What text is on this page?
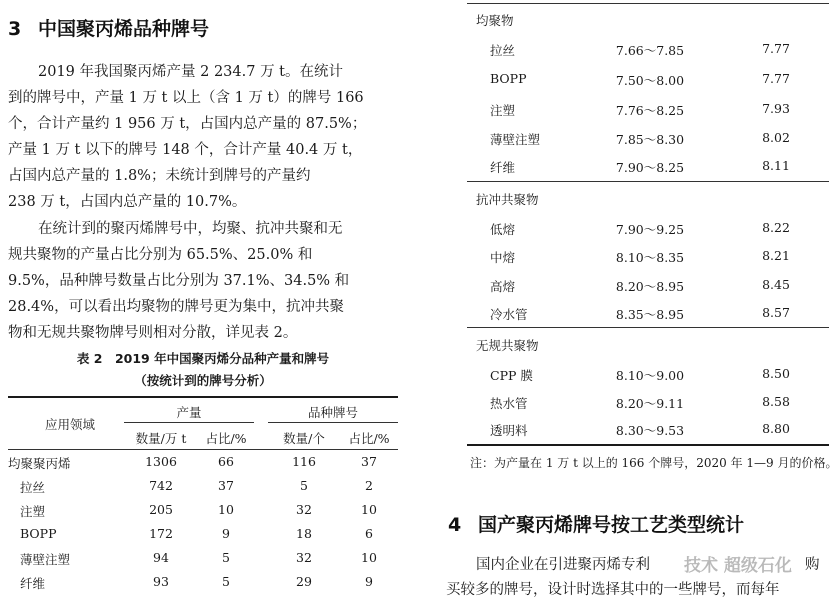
3 中国聚丙烯品种牌号
2019 年我国聚丙烯产量 2 234.7 万 t。在统计
到的牌号中，产量 1 万 t 以上（含 1 万 t）的牌号 166
个，合计产量约 1 956 万 t，占国内总产量的 87.5%；
产量 1 万 t 以下的牌号 148 个，合计产量 40.4 万 t，
占国内总产量的 1.8%；未统计到牌号的产量约
238 万 t，占国内总产量的 10.7%。
在统计到的聚丙烯牌号中，均聚、抗冲共聚和无
规共聚物的产量占比分别为 65.5%、25.0% 和
9.5%，品种牌号数量占比分别为 37.1%、34.5% 和
28.4%，可以看出均聚物的牌号更为集中，抗冲共聚
物和无规共聚物牌号则相对分散，详见表 2。
表 2　2019 年中国聚丙烯分品种产量和牌号
（按统计到的牌号分析）
应用领域
产量	品种牌号
数量/万 t	占比/%	数量/个	占比/%
均聚聚丙烯	1306	66	116	37
拉丝	742	37	5	2
注塑	205	10	32	10
BOPP	172	9	18	6
薄壁注塑	94	5	32	10
纤维	93	5	29	9
均聚物
拉丝	7.66～7.85	7.77
BOPP	7.50～8.00	7.77
注塑	7.76～8.25	7.93
薄壁注塑	7.85～8.30	8.02
纤维	7.90～8.25	8.11
抗冲共聚物
低熔	7.90～9.25	8.22
中熔	8.10～8.35	8.21
高熔	8.20～8.95	8.45
冷水管	8.35～8.95	8.57
无规共聚物
CPP 膜	8.10～9.00	8.50
热水管	8.20～9.11	8.58
透明料	8.30～9.53	8.80
注：为产量在 1 万 t 以上的 166 个牌号，2020 年 1—9 月的价格。
4 国产聚丙烯牌号按工艺类型统计
国内企业在引进聚丙烯专利 技术 超级石化 购
买较多的牌号，设计时选择其中的一些牌号，而每年
